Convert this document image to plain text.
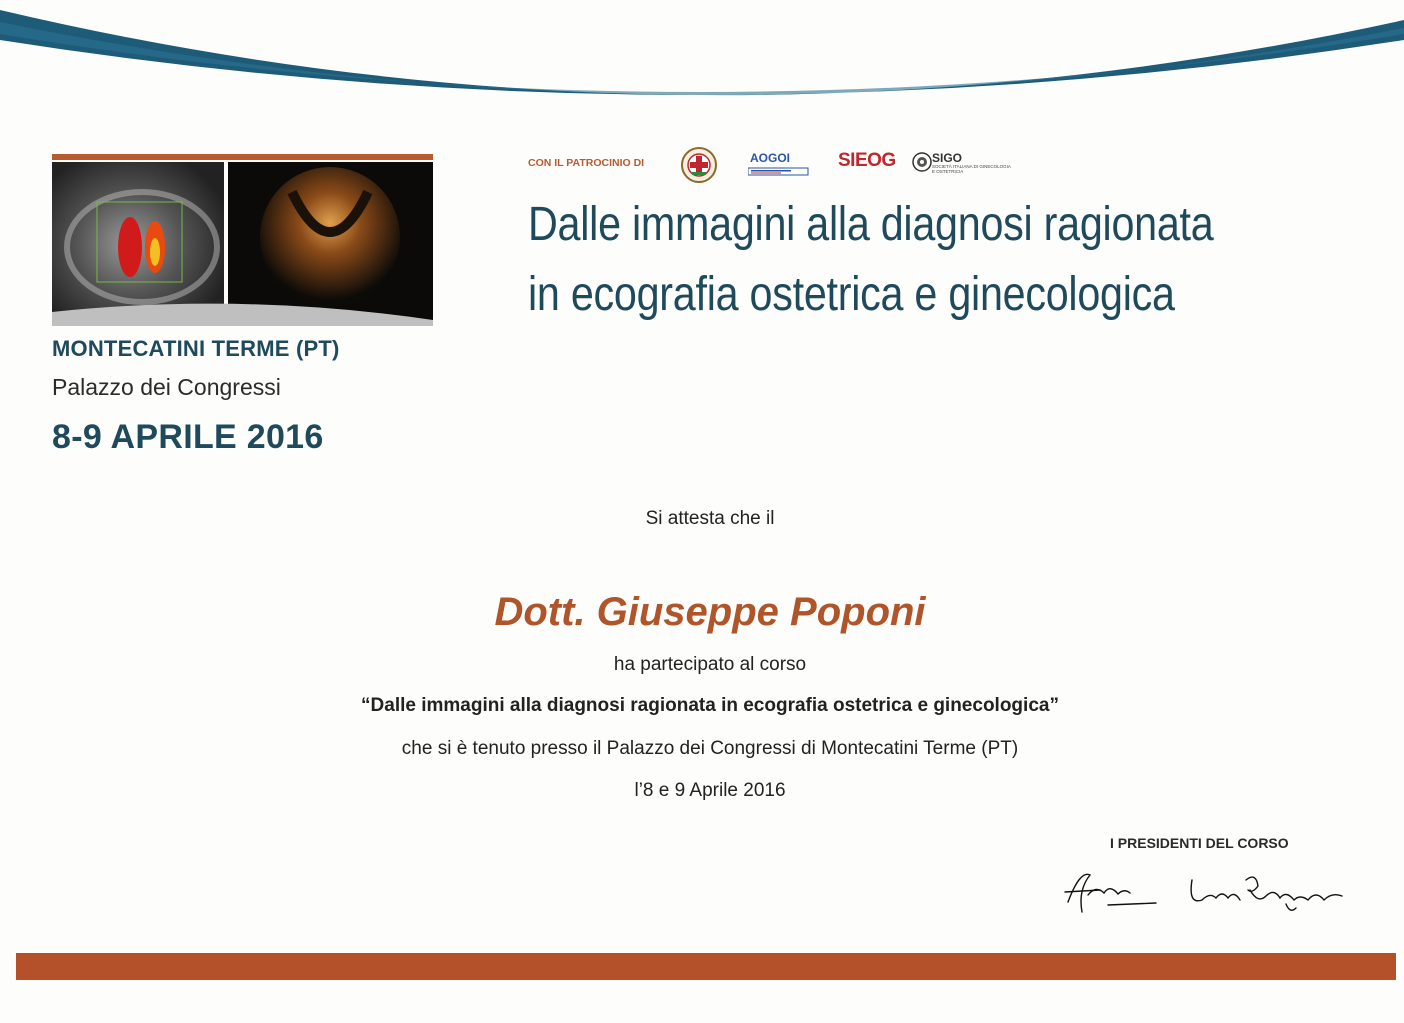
MONTECATINI TERME (PT)
Palazzo dei Congressi
8-9 APRILE 2016
CON IL PATROCINIO DI	AOGOI	SIEOG	SIGO
SOCIETÀ ITALIANA DI GINECOLOGIA E OSTETRICIA
Dalle immagini alla diagnosi ragionata
in ecografia ostetrica e ginecologica
Si attesta che il
Dott. Giuseppe Poponi
ha partecipato al corso
“Dalle immagini alla diagnosi ragionata in ecografia ostetrica e ginecologica”
che si è tenuto presso il Palazzo dei Congressi di Montecatini Terme (PT)
l’8 e 9 Aprile 2016
I PRESIDENTI DEL CORSO
